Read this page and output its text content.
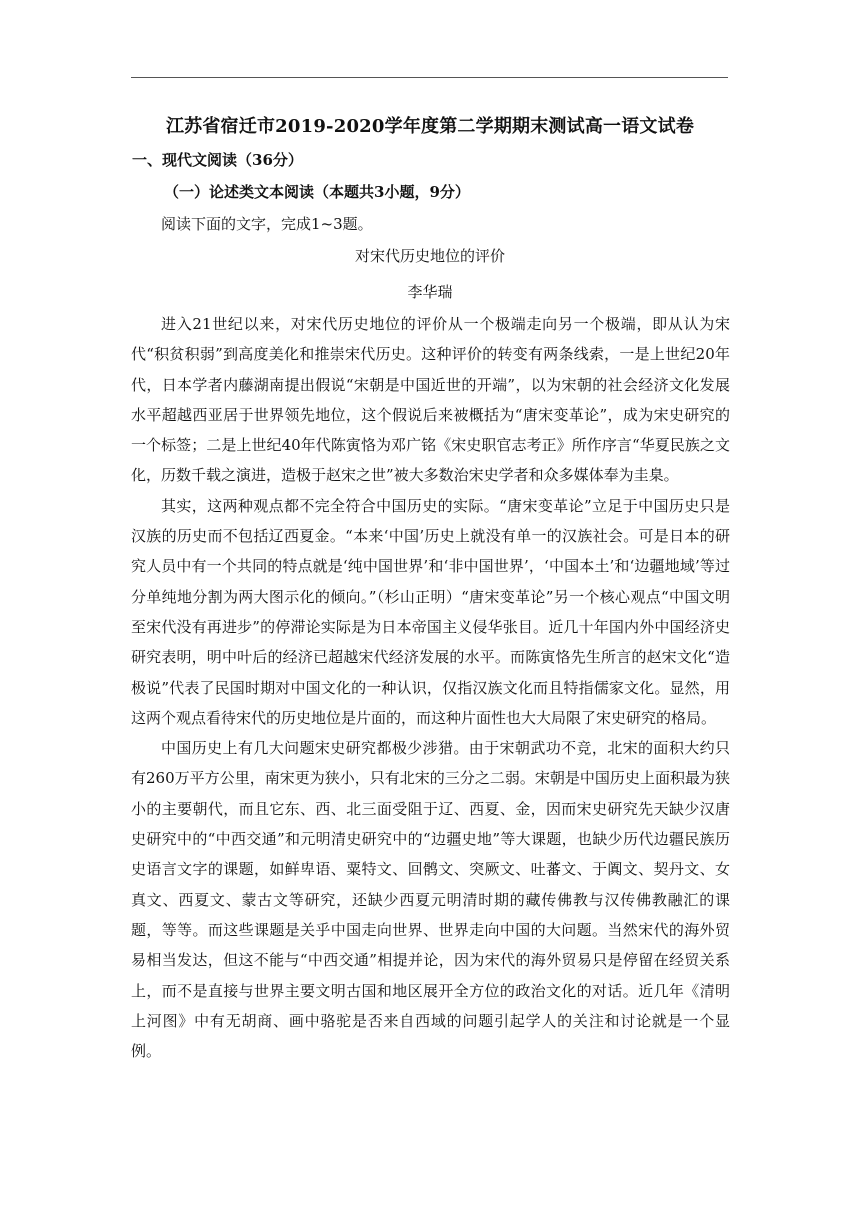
江苏省宿迁市2019-2020学年度第二学期期末测试高一语文试卷
一、现代文阅读（36分）
（一）论述类文本阅读（本题共3小题，9分）
阅读下面的文字，完成1~3题。
对宋代历史地位的评价
李华瑞

进入21世纪以来，对宋代历史地位的评价从一个极端走向另一个极端，即从认为宋代“积贫积弱”到高度美化和推崇宋代历史。这种评价的转变有两条线索，一是上世纪20年代，日本学者内藤湖南提出假说“宋朝是中国近世的开端”，以为宋朝的社会经济文化发展水平超越西亚居于世界领先地位，这个假说后来被概括为“唐宋变革论”，成为宋史研究的一个标签；二是上世纪40年代陈寅恪为邓广铭《宋史职官志考正》所作序言“华夏民族之文化，历数千载之演进，造极于赵宋之世”被大多数治宋史学者和众多媒体奉为圭臬。

其实，这两种观点都不完全符合中国历史的实际。“唐宋变革论”立足于中国历史只是汉族的历史而不包括辽西夏金。“本来‘中国’历史上就没有单一的汉族社会。可是日本的研究人员中有一个共同的特点就是‘纯中国世界’和‘非中国世界’，‘中国本土’和‘边疆地域’等过分单纯地分割为两大图示化的倾向。”（杉山正明）“唐宋变革论”另一个核心观点“中国文明至宋代没有再进步”的停滞论实际是为日本帝国主义侵华张目。近几十年国内外中国经济史研究表明，明中叶后的经济已超越宋代经济发展的水平。而陈寅恪先生所言的赵宋文化“造极说”代表了民国时期对中国文化的一种认识，仅指汉族文化而且特指儒家文化。显然，用这两个观点看待宋代的历史地位是片面的，而这种片面性也大大局限了宋史研究的格局。

中国历史上有几大问题宋史研究都极少涉猎。由于宋朝武功不竞，北宋的面积大约只有260万平方公里，南宋更为狭小，只有北宋的三分之二弱。宋朝是中国历史上面积最为狭小的主要朝代，而且它东、西、北三面受阻于辽、西夏、金，因而宋史研究先天缺少汉唐史研究中的“中西交通”和元明清史研究中的“边疆史地”等大课题，也缺少历代边疆民族历史语言文字的课题，如鲜卑语、粟特文、回鹘文、突厥文、吐蕃文、于阗文、契丹文、女真文、西夏文、蒙古文等研究，还缺少西夏元明清时期的藏传佛教与汉传佛教融汇的课题，等等。而这些课题是关乎中国走向世界、世界走向中国的大问题。当然宋代的海外贸易相当发达，但这不能与“中西交通”相提并论，因为宋代的海外贸易只是停留在经贸关系上，而不是直接与世界主要文明古国和地区展开全方位的政治文化的对话。近几年《清明上河图》中有无胡商、画中骆驼是否来自西域的问题引起学人的关注和讨论就是一个显例。
